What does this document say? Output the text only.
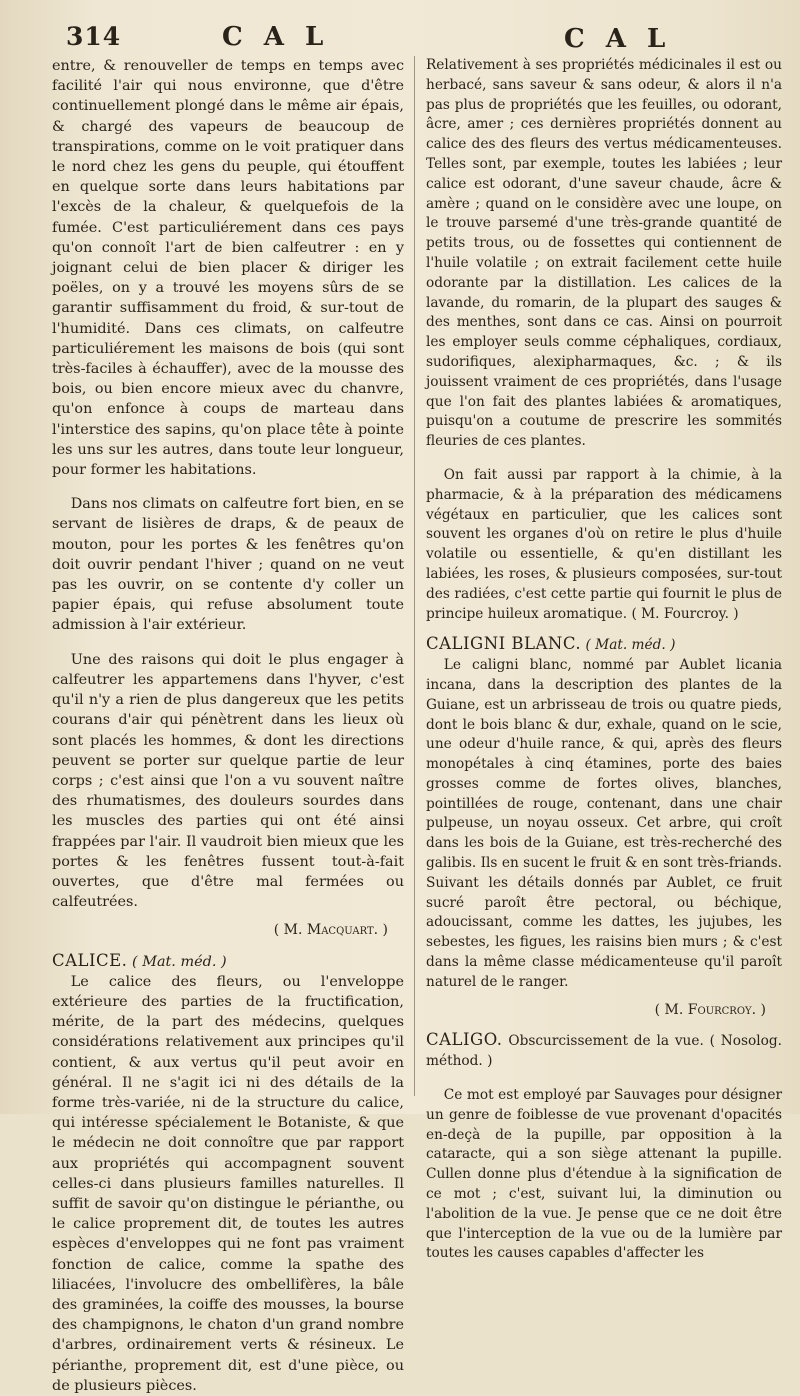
314	C A L	C A L

entre, & renouveller de temps en temps avec facilité l'air qui nous environne, que d'être continuellement plongé dans le même air épais, & chargé des vapeurs de beaucoup de transpirations, comme on le voit pratiquer dans le nord chez les gens du peuple, qui étouffent en quelque sorte dans leurs habitations par l'excès de la chaleur, & quelquefois de la fumée. C'est particuliérement dans ces pays qu'on connoît l'art de bien calfeutrer : en y joignant celui de bien placer & diriger les poëles, on y a trouvé les moyens sûrs de se garantir suffisamment du froid, & sur-tout de l'humidité. Dans ces climats, on calfeutre particuliérement les maisons de bois (qui sont très-faciles à échauffer), avec de la mousse des bois, ou bien encore mieux avec du chanvre, qu'on enfonce à coups de marteau dans l'interstice des sapins, qu'on place tête à pointe les uns sur les autres, dans toute leur longueur, pour former les habitations.

Dans nos climats on calfeutre fort bien, en se servant de lisières de draps, & de peaux de mouton, pour les portes & les fenêtres qu'on doit ouvrir pendant l'hiver ; quand on ne veut pas les ouvrir, on se contente d'y coller un papier épais, qui refuse absolument toute admission à l'air extérieur.

Une des raisons qui doit le plus engager à calfeutrer les appartemens dans l'hyver, c'est qu'il n'y a rien de plus dangereux que les petits courans d'air qui pénètrent dans les lieux où sont placés les hommes, & dont les directions peuvent se porter sur quelque partie de leur corps ; c'est ainsi que l'on a vu souvent naître des rhumatismes, des douleurs sourdes dans les muscles des parties qui ont été ainsi frappées par l'air. Il vaudroit bien mieux que les portes & les fenêtres fussent tout-à-fait ouvertes, que d'être mal fermées ou calfeutrées.

( M. Macquart. )

CALICE. ( Mat. méd. )

Le calice des fleurs, ou l'enveloppe extérieure des parties de la fructification, mérite, de la part des médecins, quelques considérations relativement aux principes qu'il contient, & aux vertus qu'il peut avoir en général. Il ne s'agit ici ni des détails de la forme très-variée, ni de la structure du calice, qui intéresse spécialement le Botaniste, & que le médecin ne doit connoître que par rapport aux propriétés qui accompagnent souvent celles-ci dans plusieurs familles naturelles. Il suffit de savoir qu'on distingue le périanthe, ou le calice proprement dit, de toutes les autres espèces d'enveloppes qui ne font pas vraiment fonction de calice, comme la spathe des liliacées, l'involucre des ombellifères, la bâle des graminées, la coiffe des mousses, la bourse des champignons, le chaton d'un grand nombre d'arbres, ordinairement verts & résineux. Le périanthe, proprement dit, est d'une pièce, ou de plusieurs pièces.

Relativement à ses propriétés médicinales il est ou herbacé, sans saveur & sans odeur, & alors il n'a pas plus de propriétés que les feuilles, ou odorant, âcre, amer ; ces dernières propriétés donnent au calice des des fleurs des vertus médicamenteuses. Telles sont, par exemple, toutes les labiées ; leur calice est odorant, d'une saveur chaude, âcre & amère ; quand on le considère avec une loupe, on le trouve parsemé d'une très-grande quantité de petits trous, ou de fossettes qui contiennent de l'huile volatile ; on extrait facilement cette huile odorante par la distillation. Les calices de la lavande, du romarin, de la plupart des sauges & des menthes, sont dans ce cas. Ainsi on pourroit les employer seuls comme céphaliques, cordiaux, sudorifiques, alexipharmaques, &c. ; & ils jouissent vraiment de ces propriétés, dans l'usage que l'on fait des plantes labiées & aromatiques, puisqu'on a coutume de prescrire les sommités fleuries de ces plantes.

On fait aussi par rapport à la chimie, à la pharmacie, & à la préparation des médicamens végétaux en particulier, que les calices sont souvent les organes d'où on retire le plus d'huile volatile ou essentielle, & qu'en distillant les labiées, les roses, & plusieurs composées, sur-tout des radiées, c'est cette partie qui fournit le plus de principe huileux aromatique. ( M. Fourcroy. )

CALIGNI BLANC. ( Mat. méd. )

Le caligni blanc, nommé par Aublet licania incana, dans la description des plantes de la Guiane, est un arbrisseau de trois ou quatre pieds, dont le bois blanc & dur, exhale, quand on le scie, une odeur d'huile rance, & qui, après des fleurs monopétales à cinq étamines, porte des baies grosses comme de fortes olives, blanches, pointillées de rouge, contenant, dans une chair pulpeuse, un noyau osseux. Cet arbre, qui croît dans les bois de la Guiane, est très-recherché des galibis. Ils en sucent le fruit & en sont très-friands. Suivant les détails donnés par Aublet, ce fruit sucré paroît être pectoral, ou béchique, adoucissant, comme les dattes, les jujubes, les sebestes, les figues, les raisins bien murs ; & c'est dans la même classe médicamenteuse qu'il paroît naturel de le ranger.

( M. Fourcroy. )

CALIGO. Obscurcissement de la vue. ( Nosolog. méthod. )

Ce mot est employé par Sauvages pour désigner un genre de foiblesse de vue provenant d'opacités en-deçà de la pupille, par opposition à la cataracte, qui a son siège attenant la pupille. Cullen donne plus d'étendue à la signification de ce mot ; c'est, suivant lui, la diminution ou l'abolition de la vue. Je pense que ce ne doit être que l'interception de la vue ou de la lumière par toutes les causes capables d'affecter les
